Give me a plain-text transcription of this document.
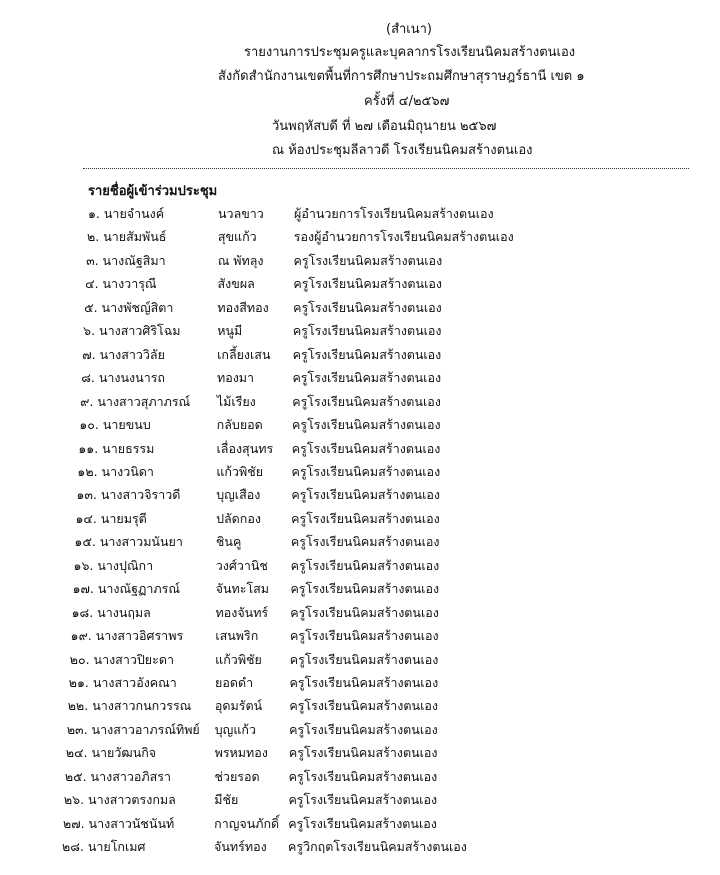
(สำเนา)
รายงานการประชุมครูและบุคลากรโรงเรียนนิคมสร้างตนเอง
สังกัดสำนักงานเขตพื้นที่การศึกษาประถมศึกษาสุราษฎร์ธานี เขต ๑
ครั้งที่ ๔/๒๕๖๗
วันพฤหัสบดี ที่ ๒๗ เดือนมิถุนายน ๒๕๖๗
ณ ห้องประชุมลีลาวดี โรงเรียนนิคมสร้างตนเอง
รายชื่อผู้เข้าร่วมประชุม
๑. นายจำนงค์	นวลขาว ผู้อำนวยการโรงเรียนนิคมสร้างตนเอง
๒. นายสัมพันธ์	สุขแก้ว	รองผู้อำนวยการโรงเรียนนิคมสร้างตนเอง
๓. นางณัฐสิมา	ณ พัทลุง ครูโรงเรียนนิคมสร้างตนเอง
๔. นางวารุณี	สังขผล	ครูโรงเรียนนิคมสร้างตนเอง
๕. นางพัชญ์สิตา	ทองสีทอง ครูโรงเรียนนิคมสร้างตนเอง
๖. นางสาวศิริโฉม	หนูมี	ครูโรงเรียนนิคมสร้างตนเอง
๗. นางสาววิลัย	เกลี้ยงเสน ครูโรงเรียนนิคมสร้างตนเอง
๘. นางนงนารถ	ทองมา	ครูโรงเรียนนิคมสร้างตนเอง
๙. นางสาวสุภาภรณ์ ไม้เรียง	ครูโรงเรียนนิคมสร้างตนเอง
๑๐. นายขนบ	กลับยอด ครูโรงเรียนนิคมสร้างตนเอง
๑๑. นายธรรม	เลื่องสุนทร ครูโรงเรียนนิคมสร้างตนเอง
๑๒. นางวนิดา	แก้วพิชัย ครูโรงเรียนนิคมสร้างตนเอง
๑๓. นางสาวจิราวดี	บุญเสือง ครูโรงเรียนนิคมสร้างตนเอง
๑๔. นายมรุตี	ปลัดกอง ครูโรงเรียนนิคมสร้างตนเอง
๑๕. นางสาวมนันยา	ชินคู	ครูโรงเรียนนิคมสร้างตนเอง
๑๖. นางปุณิกา	วงศ์วานิช ครูโรงเรียนนิคมสร้างตนเอง
๑๗. นางณัฐฏาภรณ์	จันทะโสม ครูโรงเรียนนิคมสร้างตนเอง
๑๘. นางนฤมล	ทองจันทร์ ครูโรงเรียนนิคมสร้างตนเอง
๑๙. นางสาวอิศราพร	เสนพริก	ครูโรงเรียนนิคมสร้างตนเอง
๒๐. นางสาวปิยะดา	แก้วพิชัย ครูโรงเรียนนิคมสร้างตนเอง
๒๑. นางสาวอังคณา	ยอดดำ	ครูโรงเรียนนิคมสร้างตนเอง
๒๒. นางสาวกนกวรรณ อุดมรัตน์ ครูโรงเรียนนิคมสร้างตนเอง
๒๓. นางสาวอาภรณ์ทิพย์ บุญแก้ว	ครูโรงเรียนนิคมสร้างตนเอง
๒๔. นายวัฒนกิจ	พรหมทอง ครูโรงเรียนนิคมสร้างตนเอง
๒๕. นางสาวอภิสรา	ช่วยรอด ครูโรงเรียนนิคมสร้างตนเอง
๒๖. นางสาวตรงกมล	มีชัย	ครูโรงเรียนนิคมสร้างตนเอง
๒๗. นางสาวนัชนันท์	กาญจนภักดิ์ ครูโรงเรียนนิคมสร้างตนเอง
๒๘. นายโกเมศ	จันทร์ทอง ครูวิกฤตโรงเรียนนิคมสร้างตนเอง
